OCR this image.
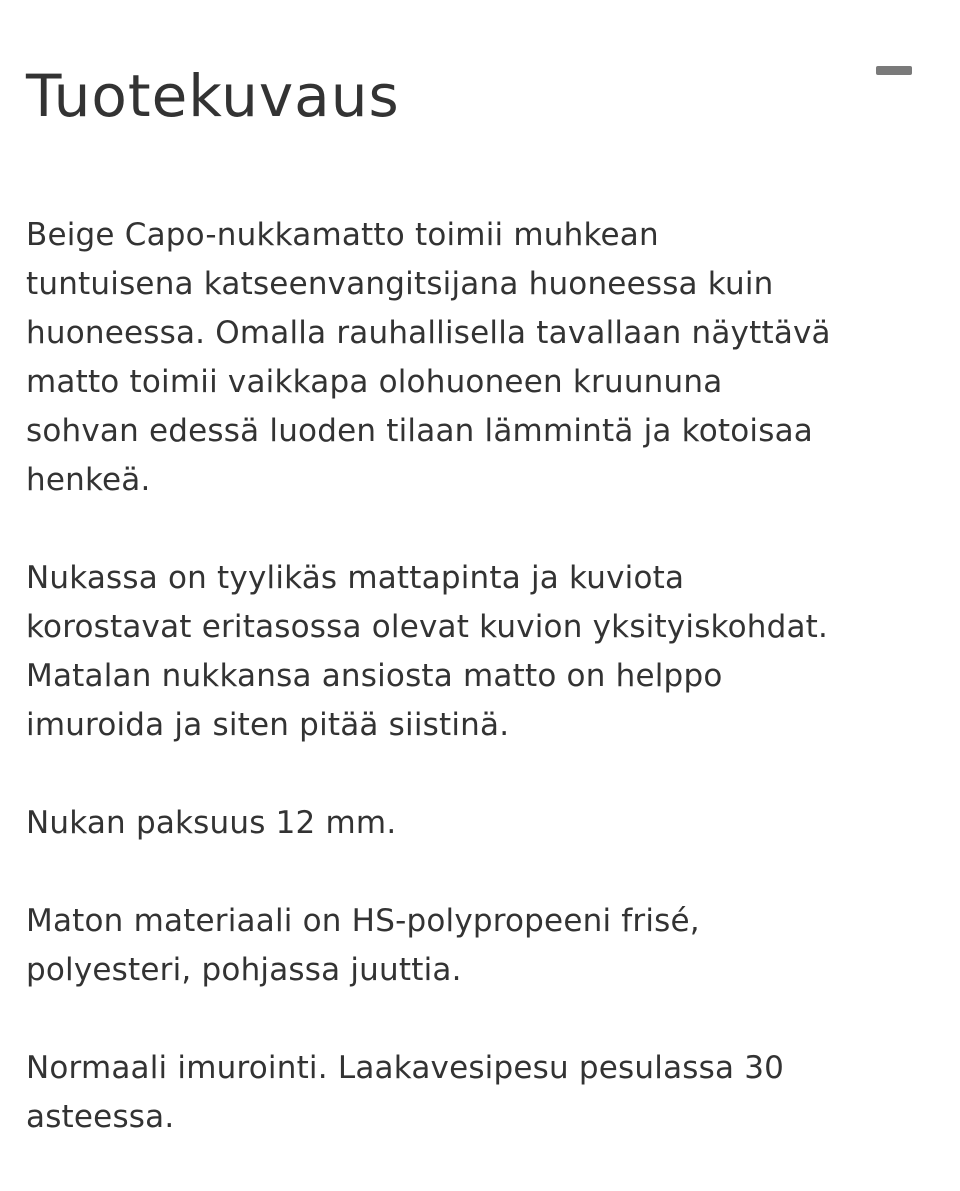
Tuotekuvaus

Beige Capo-nukkamatto toimii muhkean
tuntuisena katseenvangitsijana huoneessa kuin
huoneessa. Omalla rauhallisella tavallaan näyttävä
matto toimii vaikkapa olohuoneen kruununa
sohvan edessä luoden tilaan lämmintä ja kotoisaa
henkeä.

Nukassa on tyylikäs mattapinta ja kuviota
korostavat eritasossa olevat kuvion yksityiskohdat.
Matalan nukkansa ansiosta matto on helppo
imuroida ja siten pitää siistinä.

Nukan paksuus 12 mm.

Maton materiaali on HS-polypropeeni frisé,
polyesteri, pohjassa juuttia.

Normaali imurointi. Laakavesipesu pesulassa 30
asteessa.
